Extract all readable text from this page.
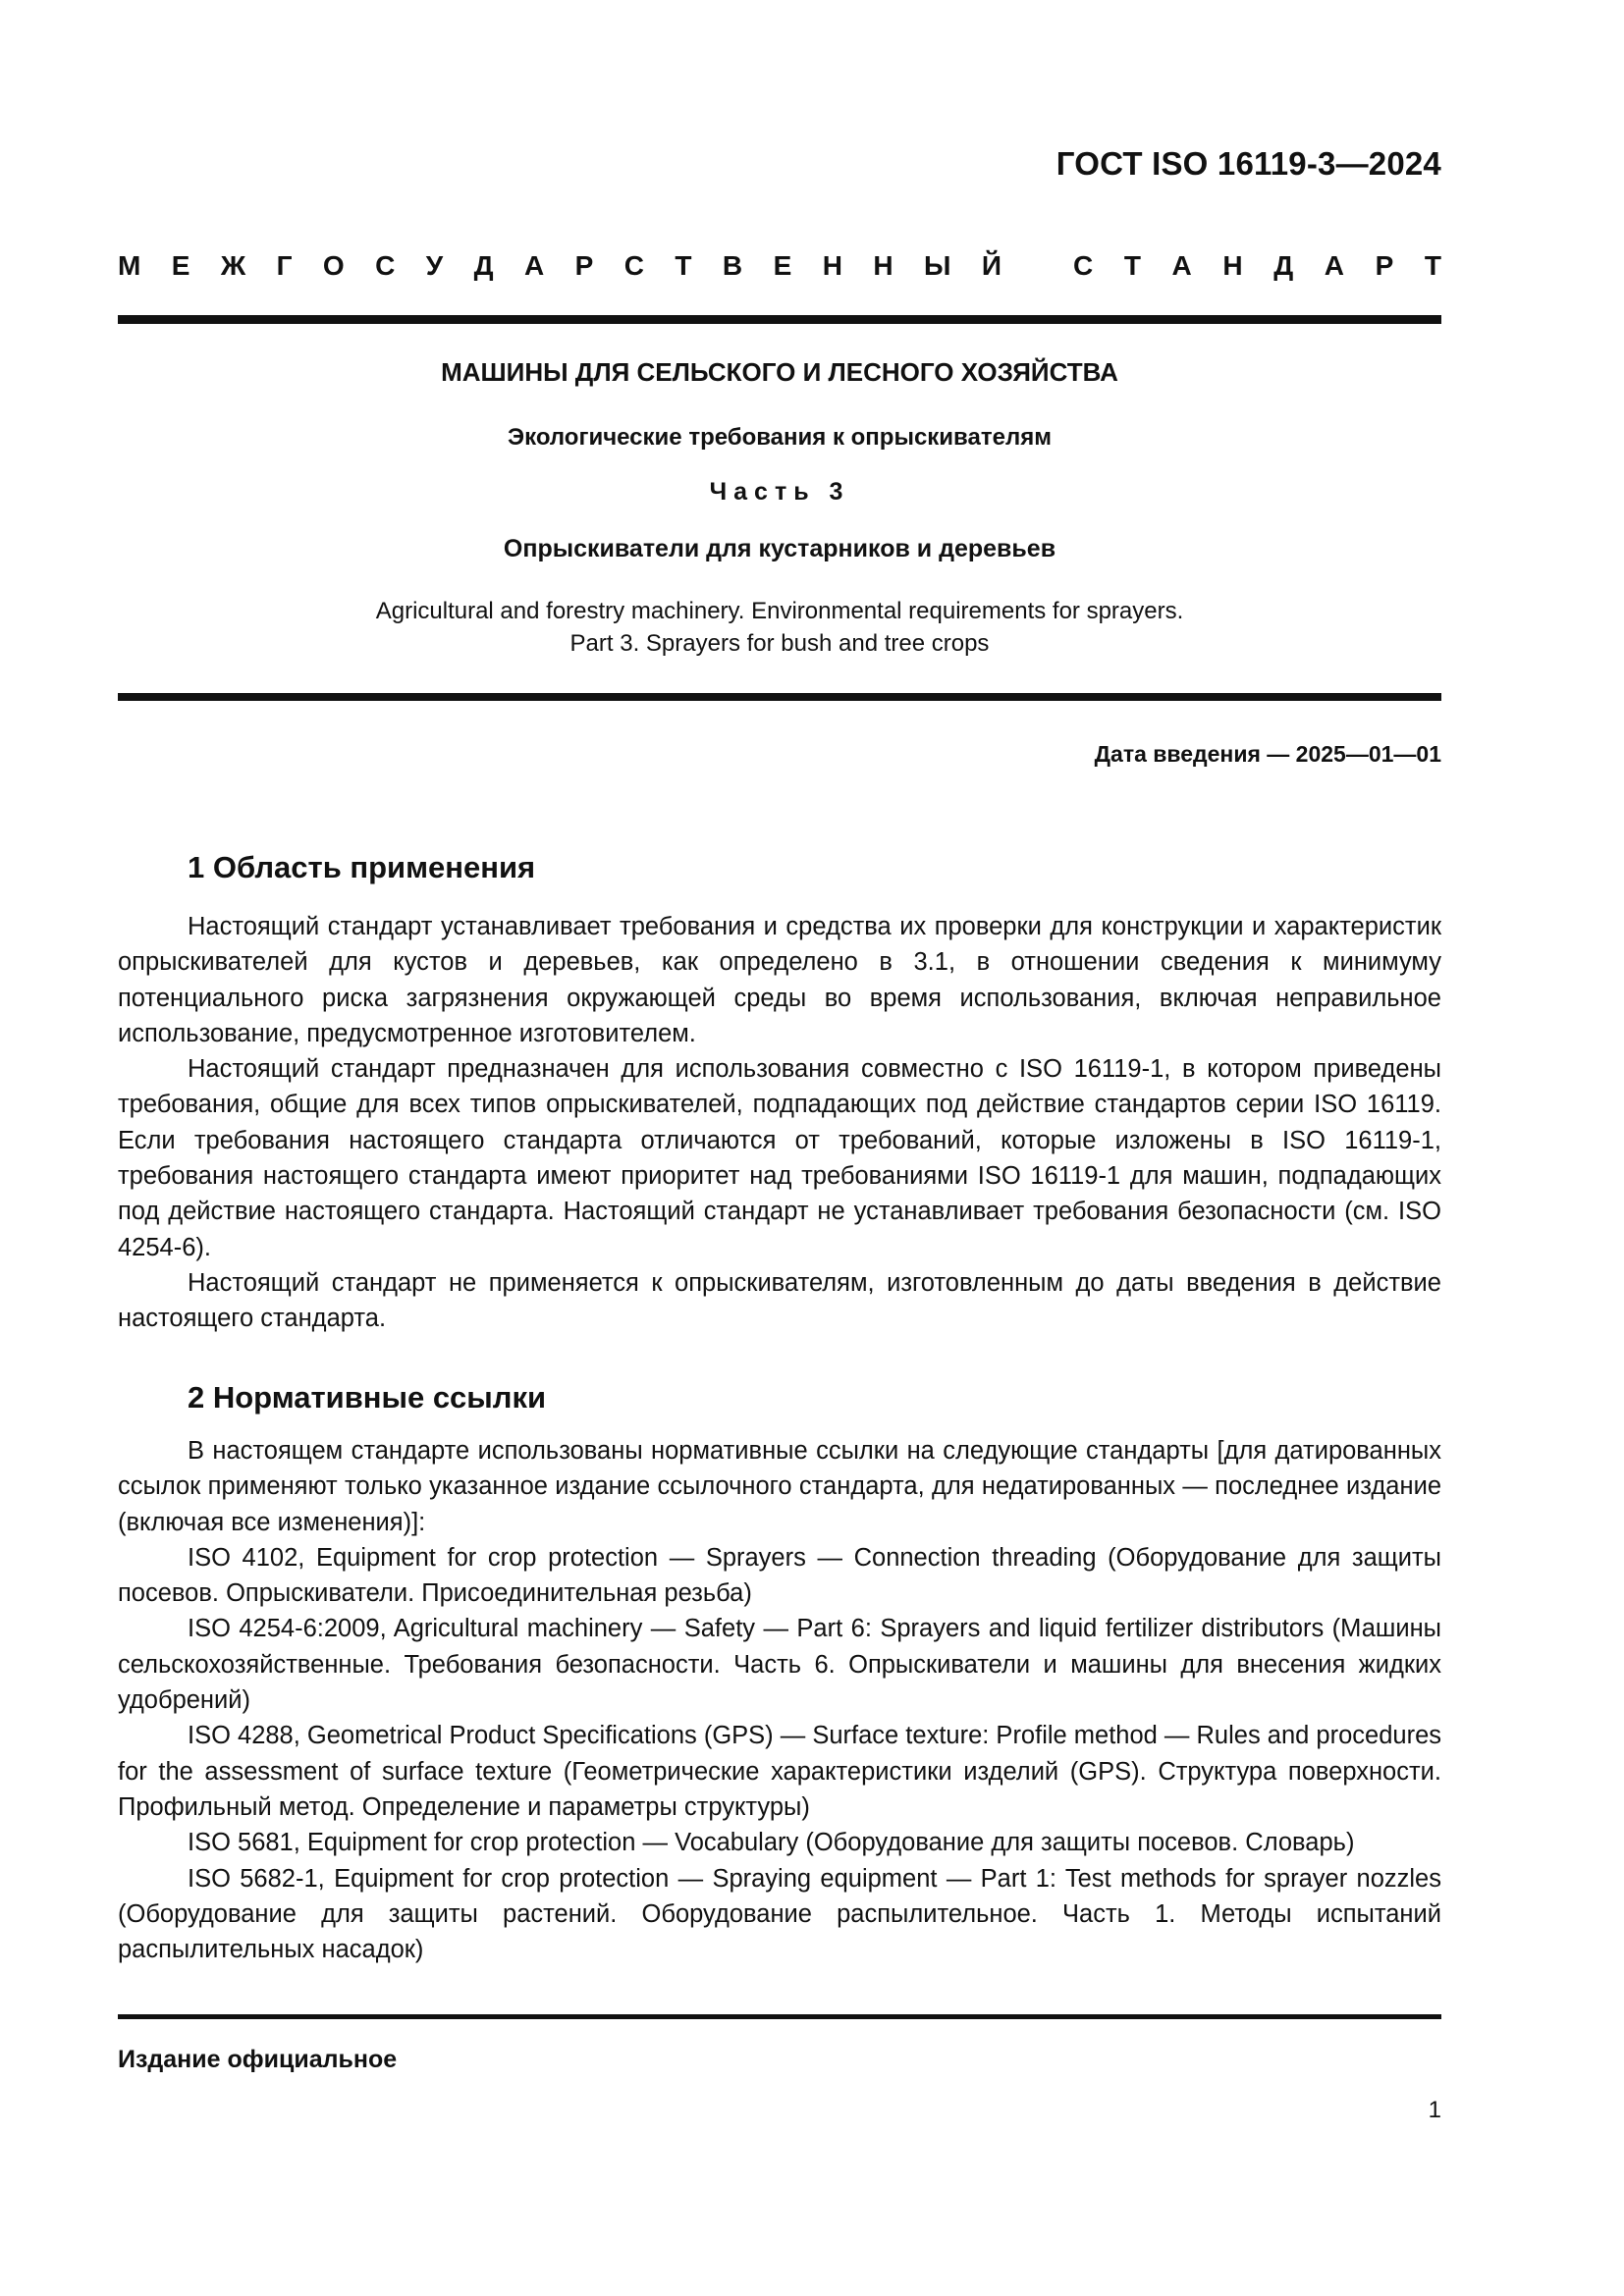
ГОСТ ISO 16119-3—2024
М Е Ж Г О С У Д А Р С Т В Е Н Н Ы Й	С Т А Н Д А Р Т
МАШИНЫ ДЛЯ СЕЛЬСКОГО И ЛЕСНОГО ХОЗЯЙСТВА
Экологические требования к опрыскивателям
Часть 3
Опрыскиватели для кустарников и деревьев
Agricultural and forestry machinery. Environmental requirements for sprayers.
Part 3. Sprayers for bush and tree crops
Дата введения — 2025—01—01
1 Область применения

Настоящий стандарт устанавливает требования и средства их проверки для конструкции и характеристик опрыскивателей для кустов и деревьев, как определено в 3.1, в отношении сведения к минимуму потенциального риска загрязнения окружающей среды во время использования, включая неправильное использование, предусмотренное изготовителем.

Настоящий стандарт предназначен для использования совместно с ISO 16119-1, в котором приведены требования, общие для всех типов опрыскивателей, подпадающих под действие стандартов серии ISO 16119. Если требования настоящего стандарта отличаются от требований, которые изложены в ISO 16119-1, требования настоящего стандарта имеют приоритет над требованиями ISO 16119-1 для машин, подпадающих под действие настоящего стандарта. Настоящий стандарт не устанавливает требования безопасности (см. ISO 4254-6).

Настоящий стандарт не применяется к опрыскивателям, изготовленным до даты введения в действие настоящего стандарта.

2 Нормативные ссылки

В настоящем стандарте использованы нормативные ссылки на следующие стандарты [для датированных ссылок применяют только указанное издание ссылочного стандарта, для недатированных — последнее издание (включая все изменения)]:

ISO 4102, Equipment for crop protection — Sprayers — Connection threading (Оборудование для защиты посевов. Опрыскиватели. Присоединительная резьба)

ISO 4254-6:2009, Agricultural machinery — Safety — Part 6: Sprayers and liquid fertilizer distributors (Машины сельскохозяйственные. Требования безопасности. Часть 6. Опрыскиватели и машины для внесения жидких удобрений)

ISO 4288, Geometrical Product Specifications (GPS) — Surface texture: Profile method — Rules and procedures for the assessment of surface texture (Геометрические характеристики изделий (GPS). Структура поверхности. Профильный метод. Определение и параметры структуры)

ISO 5681, Equipment for crop protection — Vocabulary (Оборудование для защиты посевов. Словарь)

ISO 5682-1, Equipment for crop protection — Spraying equipment — Part 1: Test methods for sprayer nozzles (Оборудование для защиты растений. Оборудование распылительное. Часть 1. Методы испытаний распылительных насадок)

Издание официальное
1
